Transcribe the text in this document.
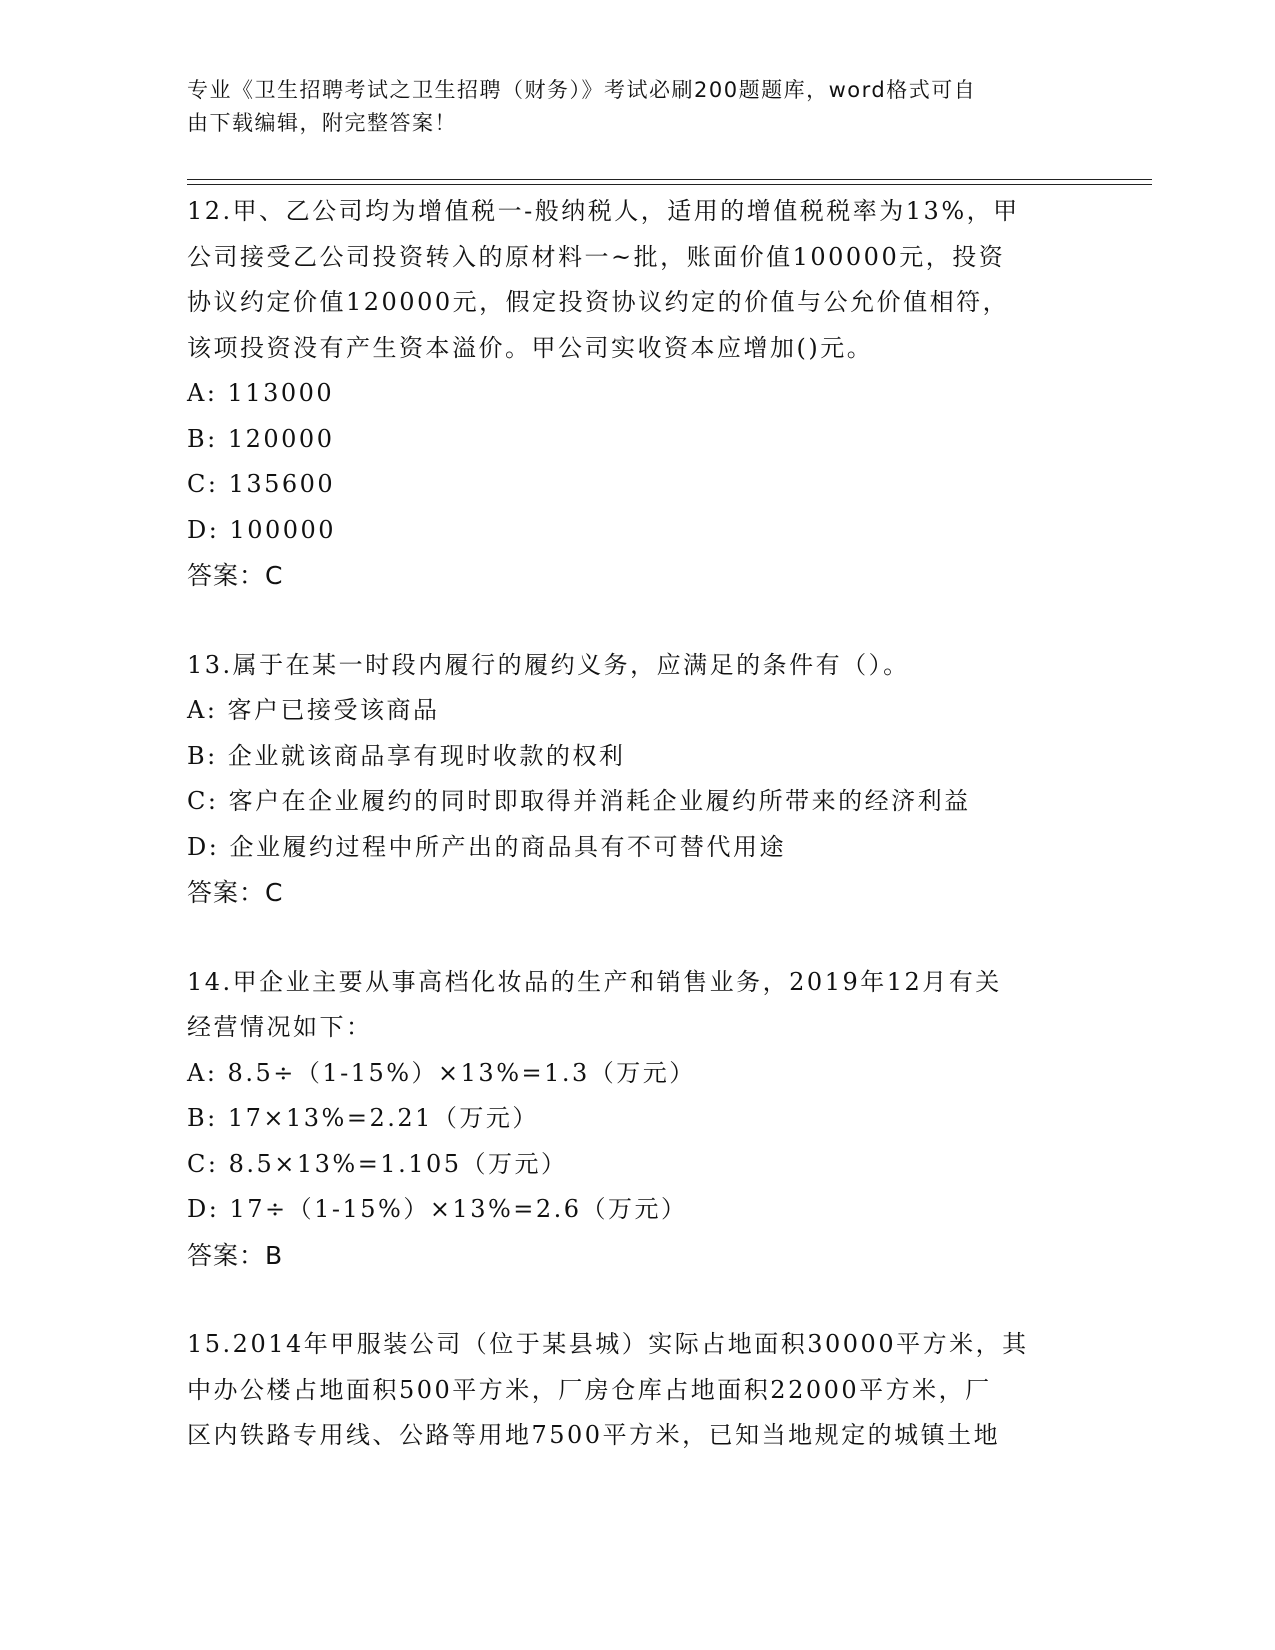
专业《卫生招聘考试之卫生招聘（财务）》考试必刷200题题库，word格式可自
由下载编辑，附完整答案！
12.甲、乙公司均为增值税一-般纳税人，适用的增值税税率为13%，甲
公司接受乙公司投资转入的原材料一~批，账面价值100000元，投资
协议约定价值120000元，假定投资协议约定的价值与公允价值相符，
该项投资没有产生资本溢价。甲公司实收资本应增加()元。
A: 113000
B: 120000
C: 135600
D: 100000
答案：C
13.属于在某一时段内履行的履约义务，应满足的条件有（）。
A: 客户已接受该商品
B: 企业就该商品享有现时收款的权利
C: 客户在企业履约的同时即取得并消耗企业履约所带来的经济利益
D: 企业履约过程中所产出的商品具有不可替代用途
答案：C
14.甲企业主要从事高档化妆品的生产和销售业务，2019年12月有关
经营情况如下：
A: 8.5÷（1-15%）×13%=1.3（万元）
B: 17×13%=2.21（万元）
C: 8.5×13%=1.105（万元）
D: 17÷（1-15%）×13%=2.6（万元）
答案：B
15.2014年甲服装公司（位于某县城）实际占地面积30000平方米，其
中办公楼占地面积500平方米，厂房仓库占地面积22000平方米，厂
区内铁路专用线、公路等用地7500平方米，已知当地规定的城镇土地
